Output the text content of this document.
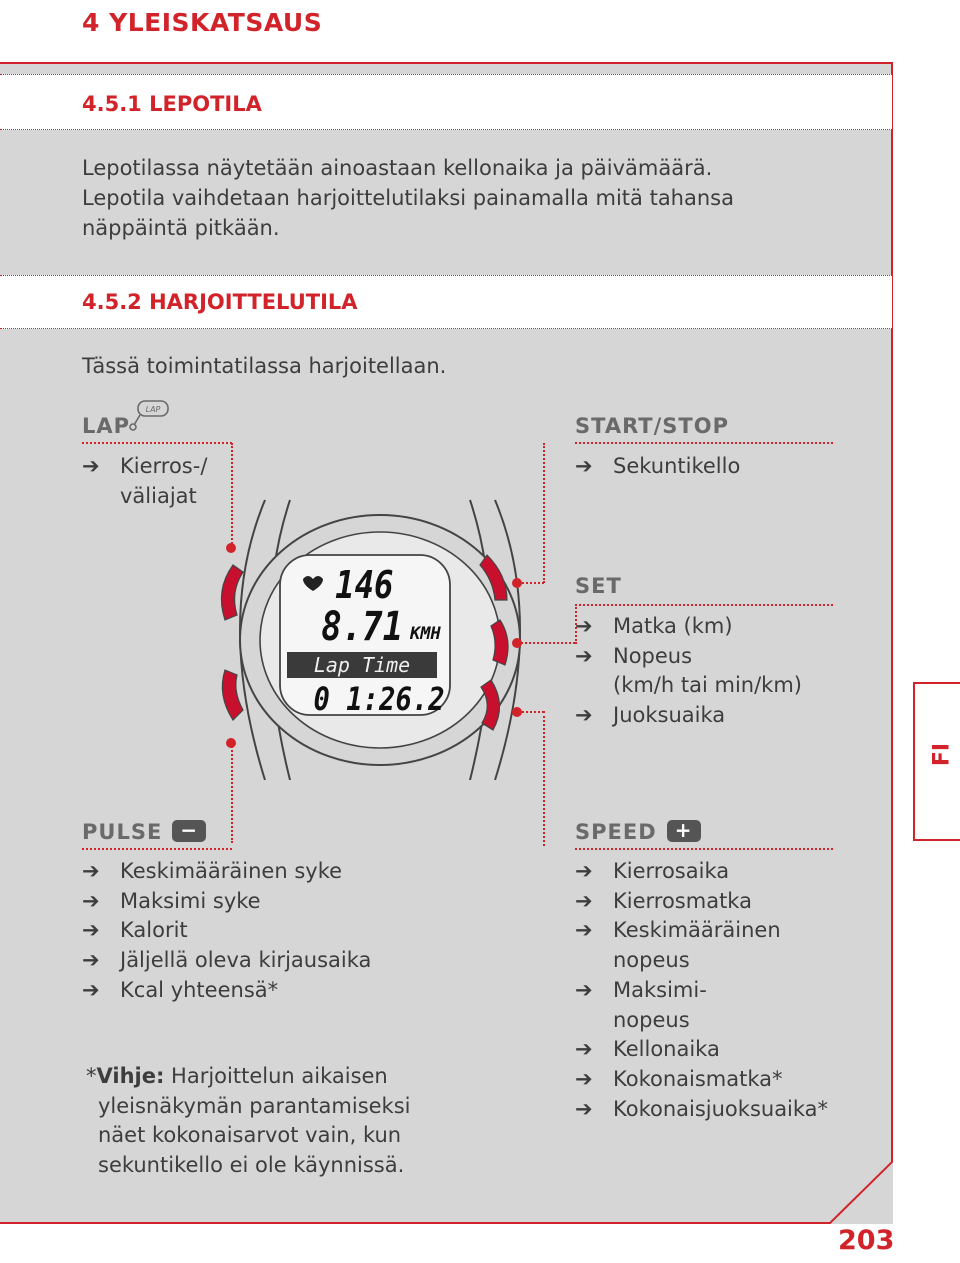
4 YLEISKATSAUS
4.5.1 LEPOTILA
Lepotilassa näytetään ainoastaan kellonaika ja päivämäärä.
Lepotila vaihdetaan harjoittelutilaksi painamalla mitä tahansa
näppäintä pitkään.
4.5.2 HARJOITTELUTILA
Tässä toimintatilassa harjoitellaan.
LAP
LAP
➔ Kierros-/
väliajat
START/STOP
➔ Sekuntikello
SET
➔ Matka (km)
➔ Nopeus
(km/h tai min/km)
➔ Juoksuaika
146
8.71 KMH
Lap Time
0 1:26.2
PULSE −
➔ Keskimääräinen syke
➔ Maksimi syke
➔ Kalorit
➔ Jäljellä oleva kirjausaika
➔ Kcal yhteensä*
*Vihje: Harjoittelun aikaisen
yleisnäkymän parantamiseksi
näet kokonaisarvot vain, kun
sekuntikello ei ole käynnissä.
SPEED +
➔ Kierrosaika
➔ Kierrosmatka
➔ Keskimääräinen
nopeus
➔ Maksimi-
nopeus
➔ Kellonaika
➔ Kokonaismatka*
➔ Kokonaisjuoksuaika*
FI
203
